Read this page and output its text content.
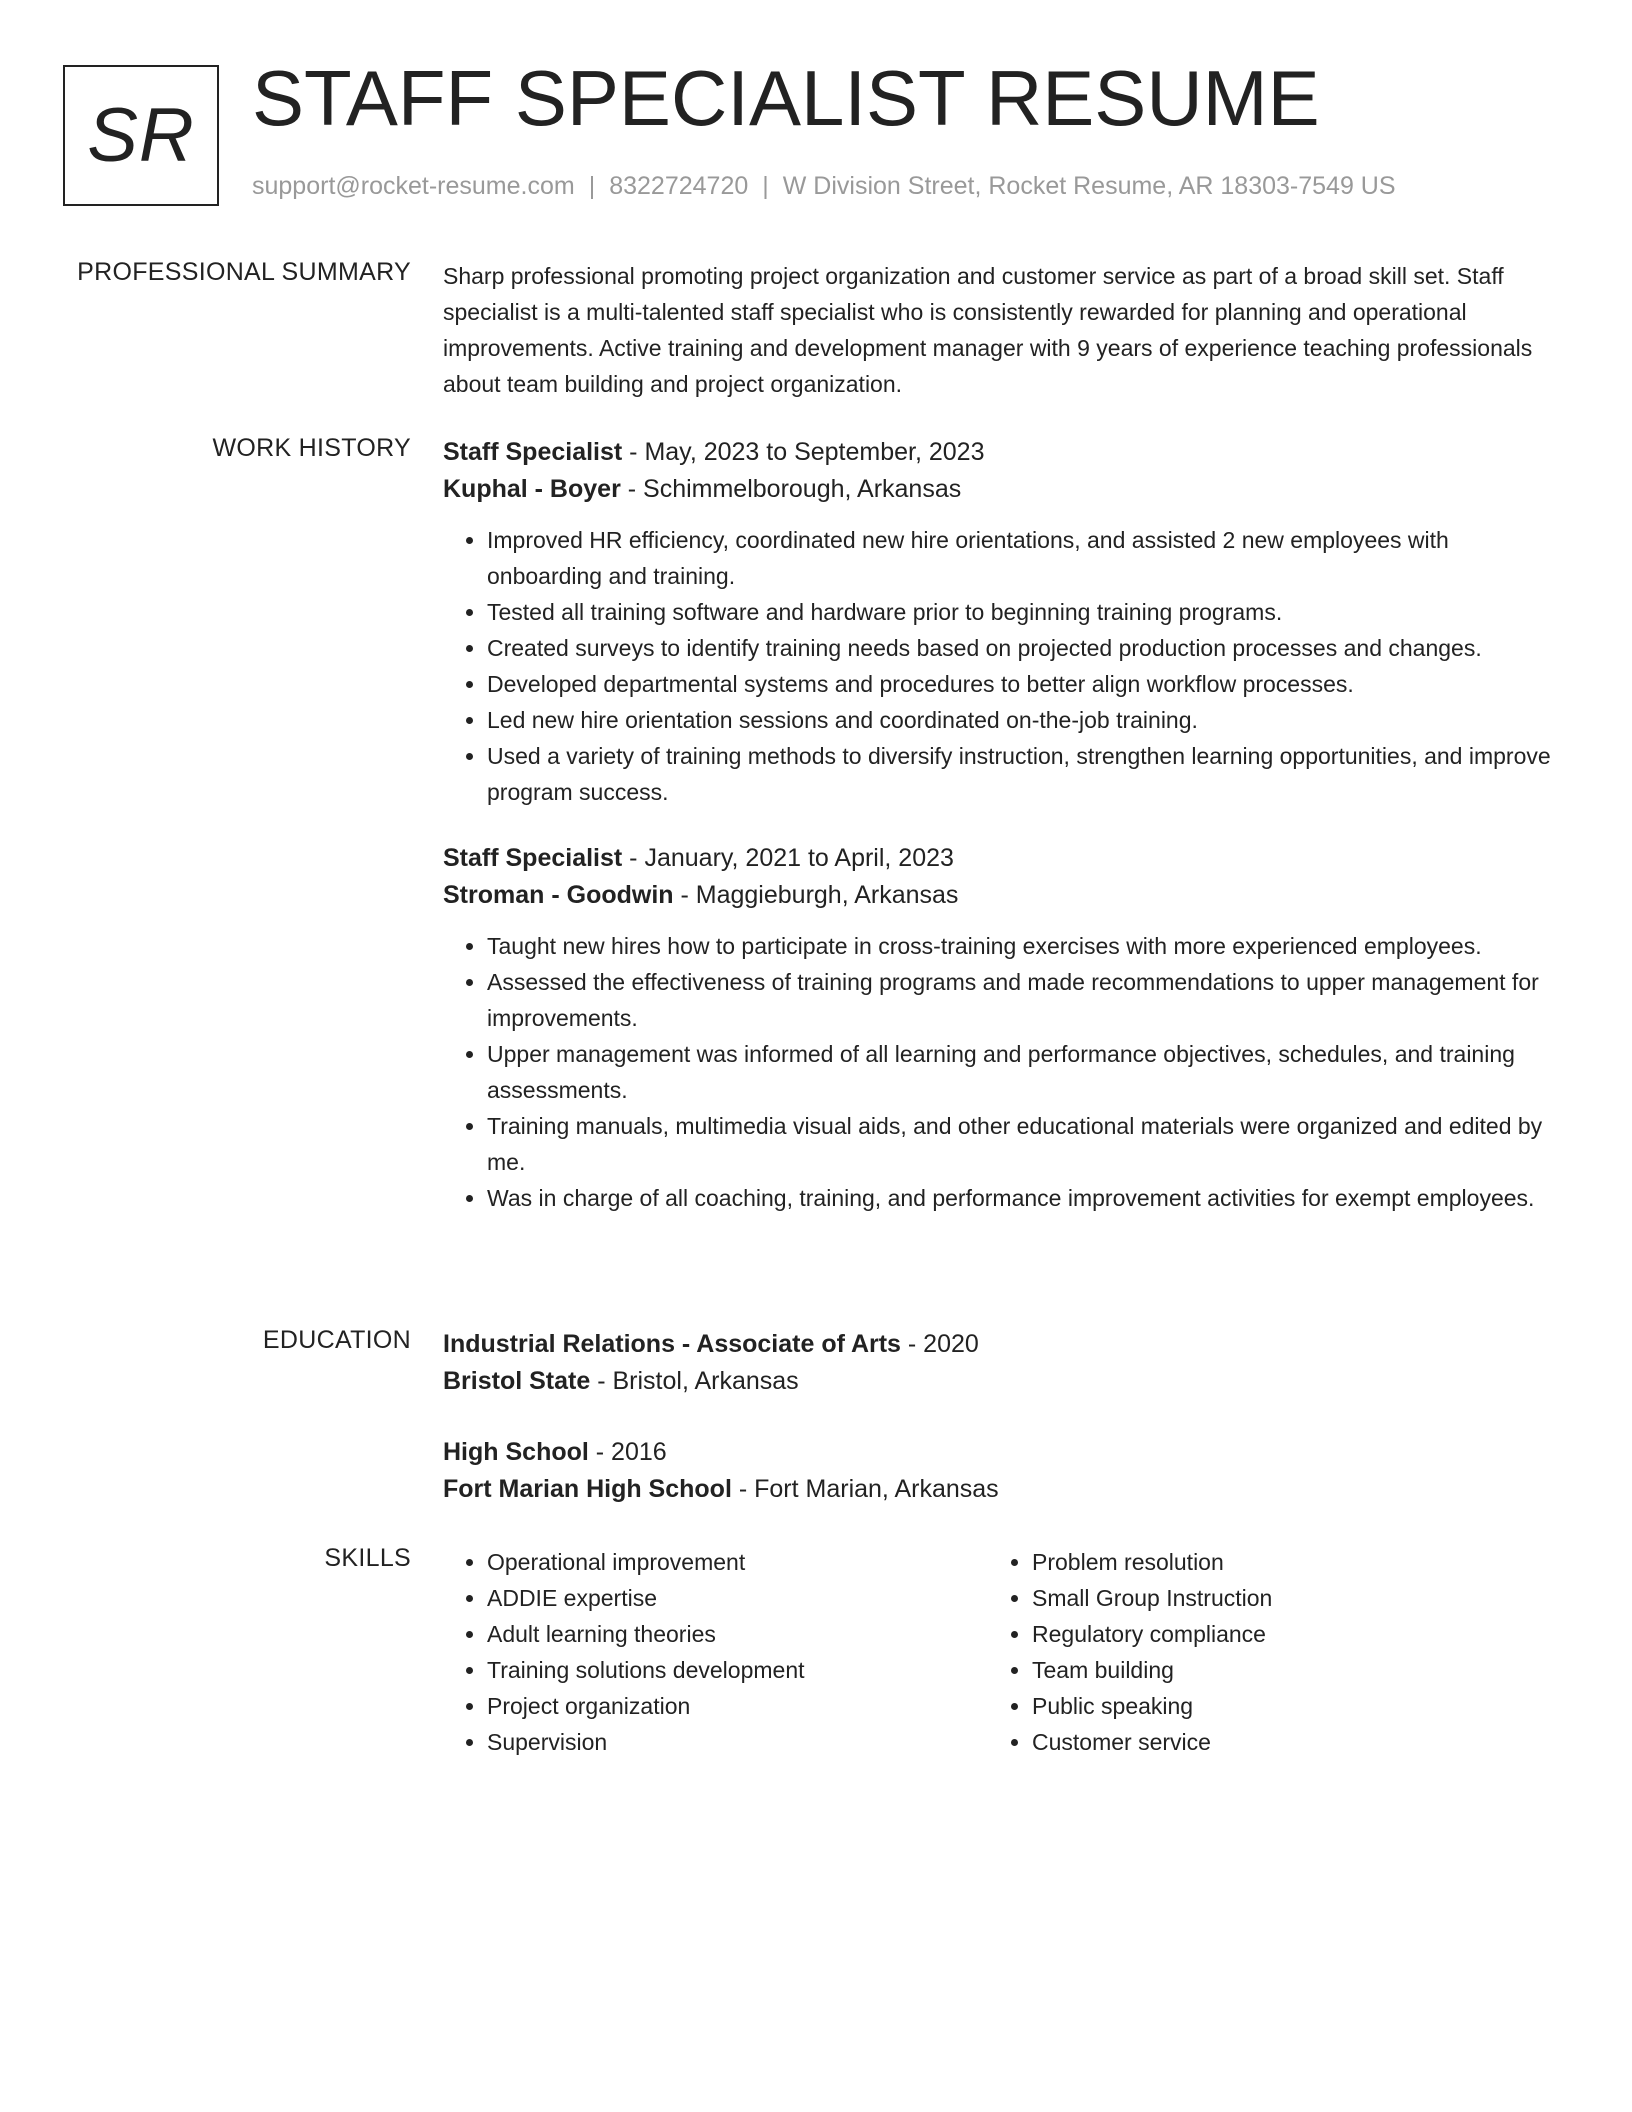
SR STAFF SPECIALIST RESUME
support@rocket-resume.com | 8322724720 | W Division Street, Rocket Resume, AR 18303-7549 US
PROFESSIONAL SUMMARY Sharp professional promoting project organization and customer service as part of a broad skill set. Staff specialist is a multi-talented staff specialist who is consistently rewarded for planning and operational improvements. Active training and development manager with 9 years of experience teaching professionals about team building and project organization.

WORK HISTORY Staff Specialist - May, 2023 to September, 2023
Kuphal - Boyer - Schimmelborough, Arkansas
• Improved HR efficiency, coordinated new hire orientations, and assisted 2 new employees with onboarding and training.
• Tested all training software and hardware prior to beginning training programs.
• Created surveys to identify training needs based on projected production processes and changes.
• Developed departmental systems and procedures to better align workflow processes.
• Led new hire orientation sessions and coordinated on-the-job training.
• Used a variety of training methods to diversify instruction, strengthen learning opportunities, and improve program success.
Staff Specialist - January, 2021 to April, 2023
Stroman - Goodwin - Maggieburgh, Arkansas
• Taught new hires how to participate in cross-training exercises with more experienced employees.
• Assessed the effectiveness of training programs and made recommendations to upper management for improvements.
• Upper management was informed of all learning and performance objectives, schedules, and training assessments.
• Training manuals, multimedia visual aids, and other educational materials were organized and edited by me.
• Was in charge of all coaching, training, and performance improvement activities for exempt employees.
EDUCATION Industrial Relations - Associate of Arts - 2020
Bristol State - Bristol, Arkansas
High School - 2016
Fort Marian High School - Fort Marian, Arkansas
SKILLS
•	Operational improvement
• ADDIE expertise
• Adult learning theories
• Training solutions development
• Project organization
• Supervision
• Problem resolution
• Small Group Instruction
• Regulatory compliance
• Team building
• Public speaking
• Customer service
